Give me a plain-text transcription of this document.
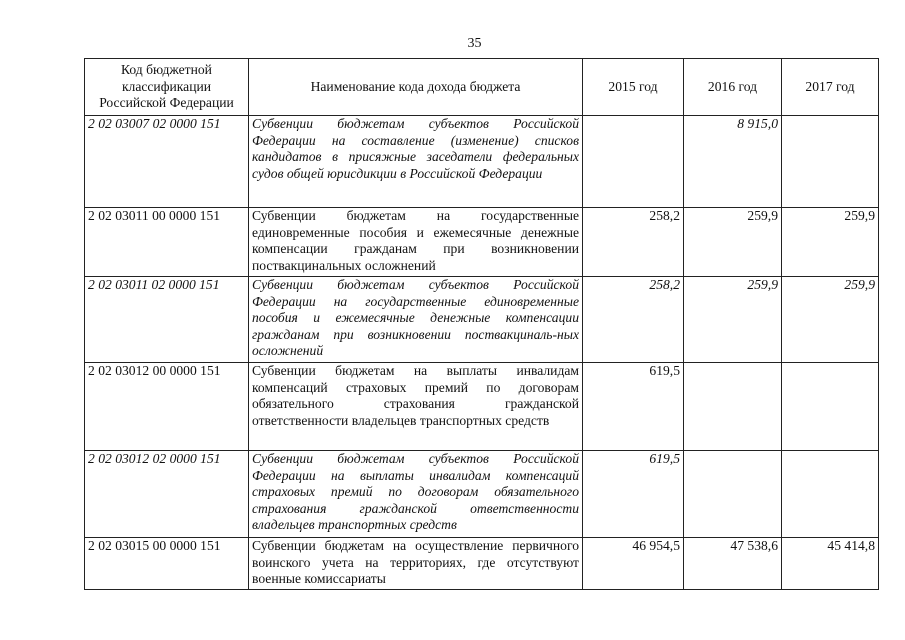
35
Код бюджетной классификации Российской Федерации	Наименование кода дохода бюджета	2015 год	2016 год	2017 год
2 02 03007 02 0000 151	Субвенции бюджетам субъектов Российской Федерации на составление (изменение) списков кандидатов в присяжные заседатели федеральных судов общей юрисдикции в Российской Федерации		8 915,0	
2 02 03011 00 0000 151	Субвенции бюджетам на государственные единовременные пособия и ежемесячные денежные компенсации гражданам при возникновении поствакцинальных осложнений	258,2	259,9	259,9
2 02 03011 02 0000 151	Субвенции бюджетам субъектов Российской Федерации на государственные единовременные пособия и ежемесячные денежные компенсации гражданам при возникновении поствакциналь-ных осложнений	258,2	259,9	259,9
2 02 03012 00 0000 151	Субвенции бюджетам на выплаты инвалидам компенсаций страховых премий по договорам обязательного страхования гражданской ответственности владельцев транспортных средств	619,5		
2 02 03012 02 0000 151	Субвенции бюджетам субъектов Российской Федерации на выплаты инвалидам компенсаций страховых премий по договорам обязательного страхования гражданской ответственности владельцев транспортных средств	619,5		
2 02 03015 00 0000 151	Субвенции бюджетам на осуществление первичного воинского учета на территориях, где отсутствуют военные комиссариаты	46 954,5	47 538,6	45 414,8
